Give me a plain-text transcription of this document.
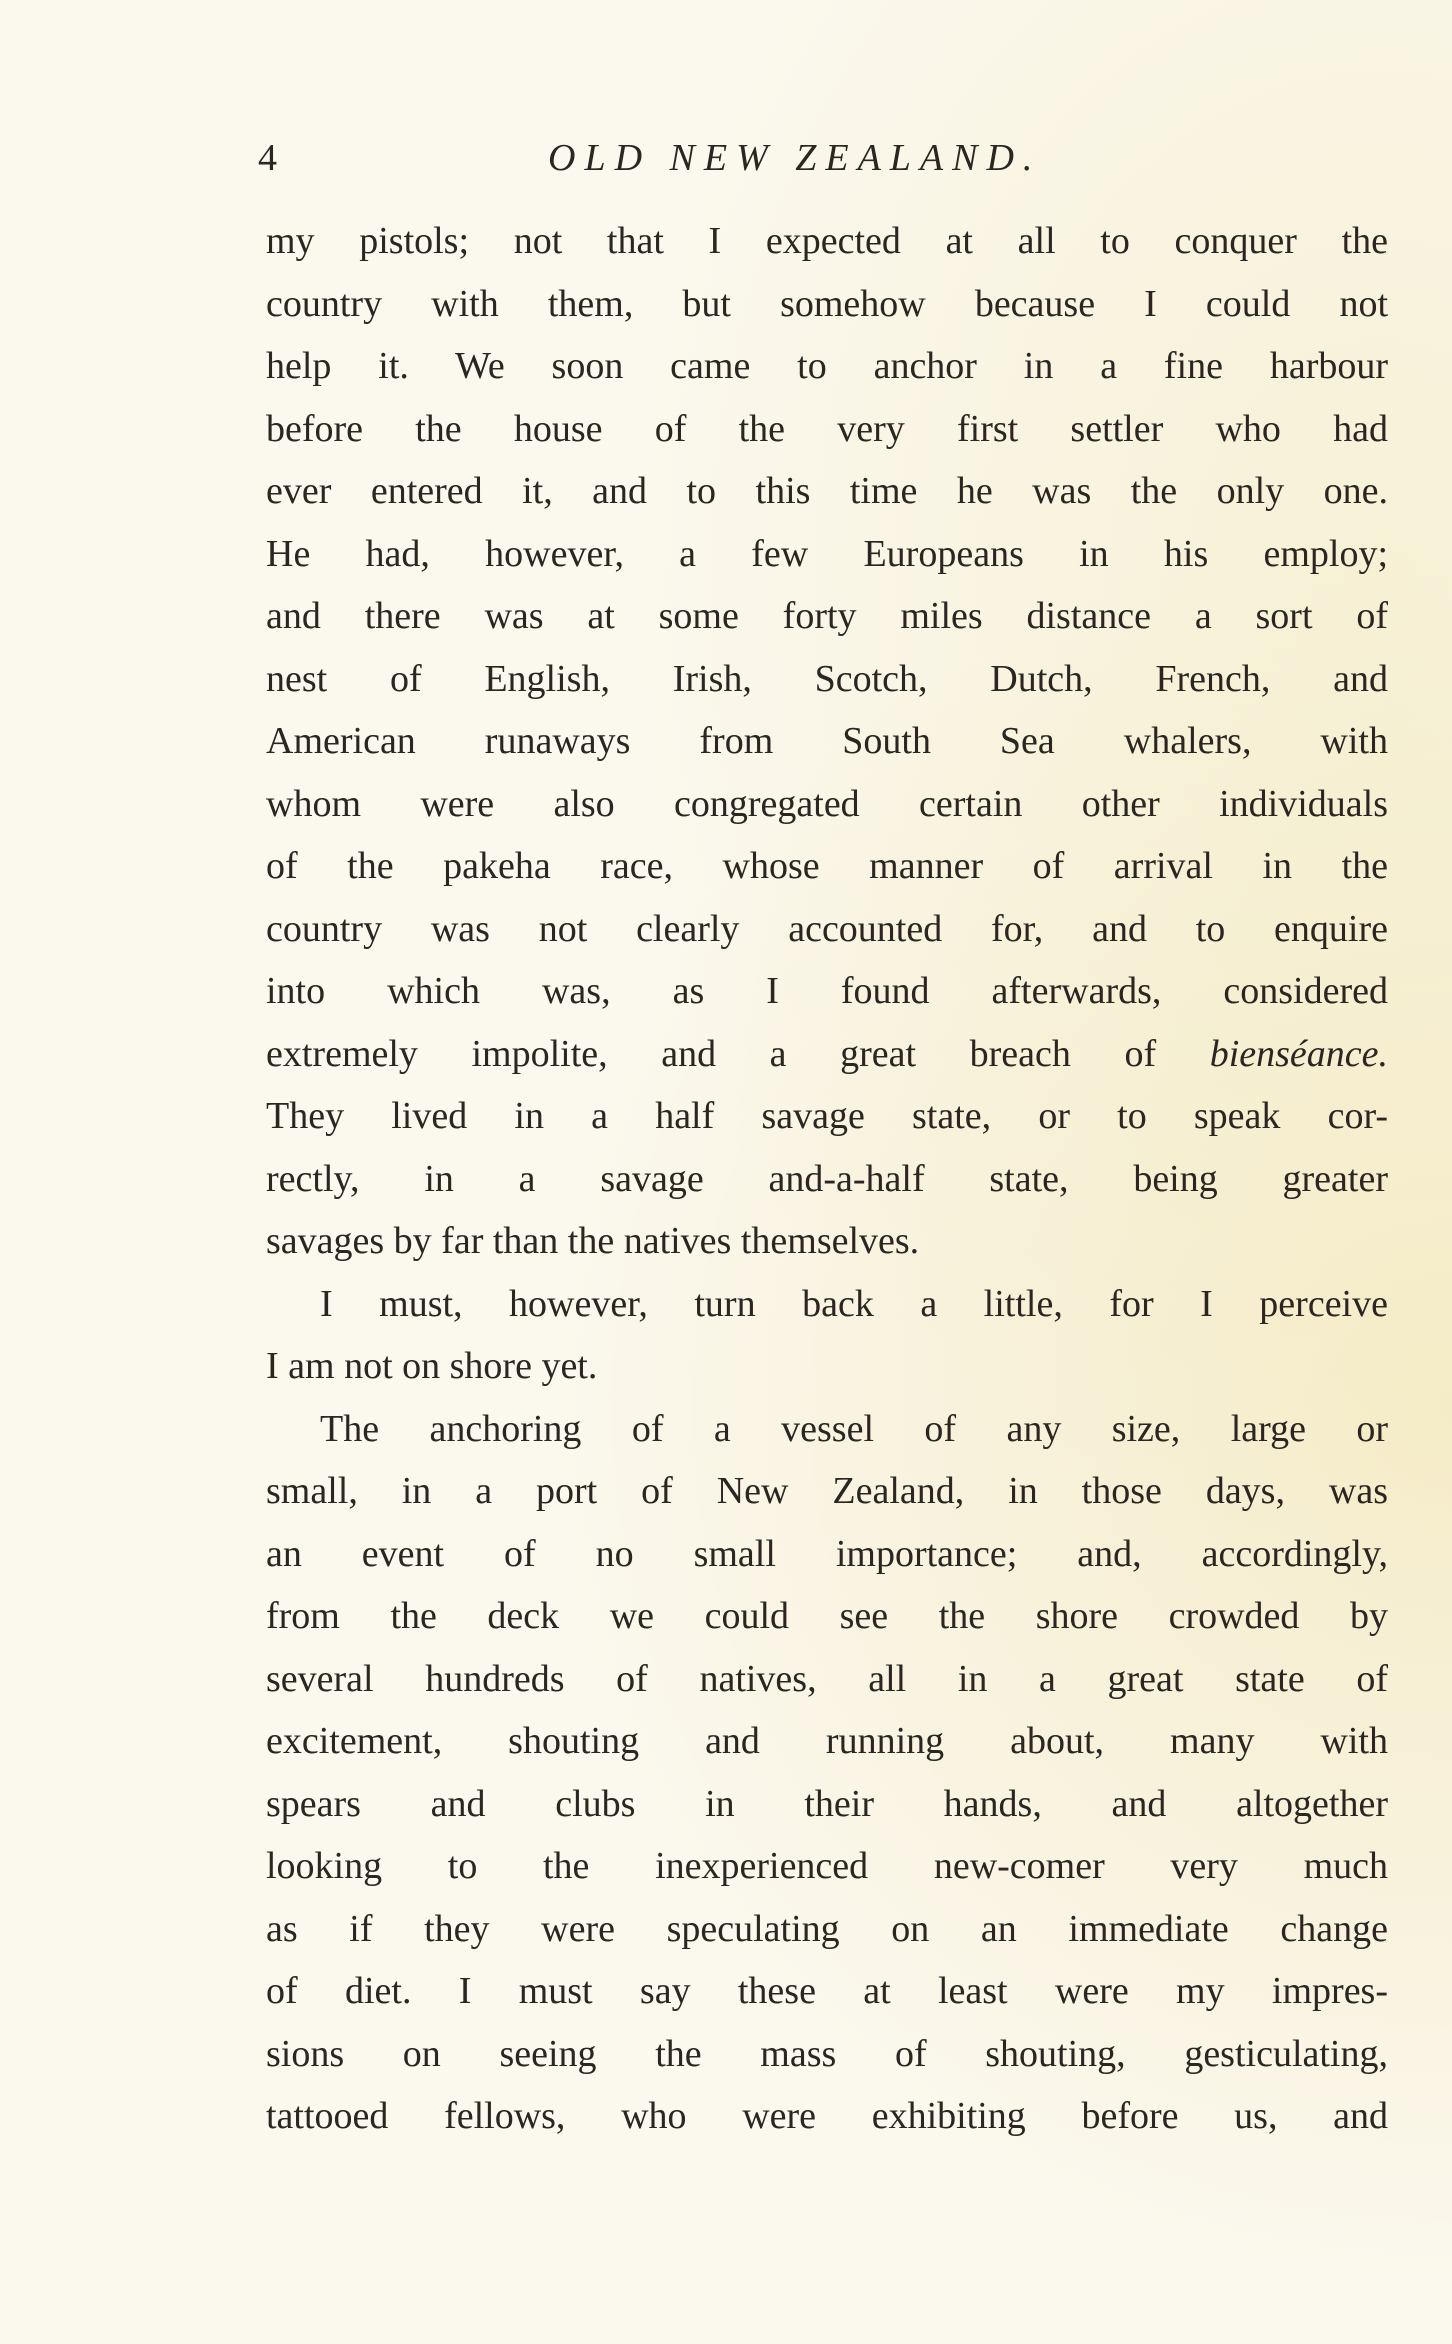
4	OLD NEW ZEALAND.
my pistols; not that I expected at all to conquer the
country with them, but somehow because I could not
help it. We soon came to anchor in a fine harbour
before the house of the very first settler who had
ever entered it, and to this time he was the only one.
He had, however, a few Europeans in his employ;
and there was at some forty miles distance a sort of
nest of English, Irish, Scotch, Dutch, French, and
American runaways from South Sea whalers, with
whom were also congregated certain other individuals
of the pakeha race, whose manner of arrival in the
country was not clearly accounted for, and to enquire
into which was, as I found afterwards, considered
extremely impolite, and a great breach of bienséance.
They lived in a half savage state, or to speak cor-
rectly, in a savage and-a-half state, being greater
savages by far than the natives themselves.
I must, however, turn back a little, for I perceive
I am not on shore yet.
The anchoring of a vessel of any size, large or
small, in a port of New Zealand, in those days, was
an event of no small importance; and, accordingly,
from the deck we could see the shore crowded by
several hundreds of natives, all in a great state of
excitement, shouting and running about, many with
spears and clubs in their hands, and altogether
looking to the inexperienced new-comer very much
as if they were speculating on an immediate change
of diet. I must say these at least were my impres-
sions on seeing the mass of shouting, gesticulating,
tattooed fellows, who were exhibiting before us, and
